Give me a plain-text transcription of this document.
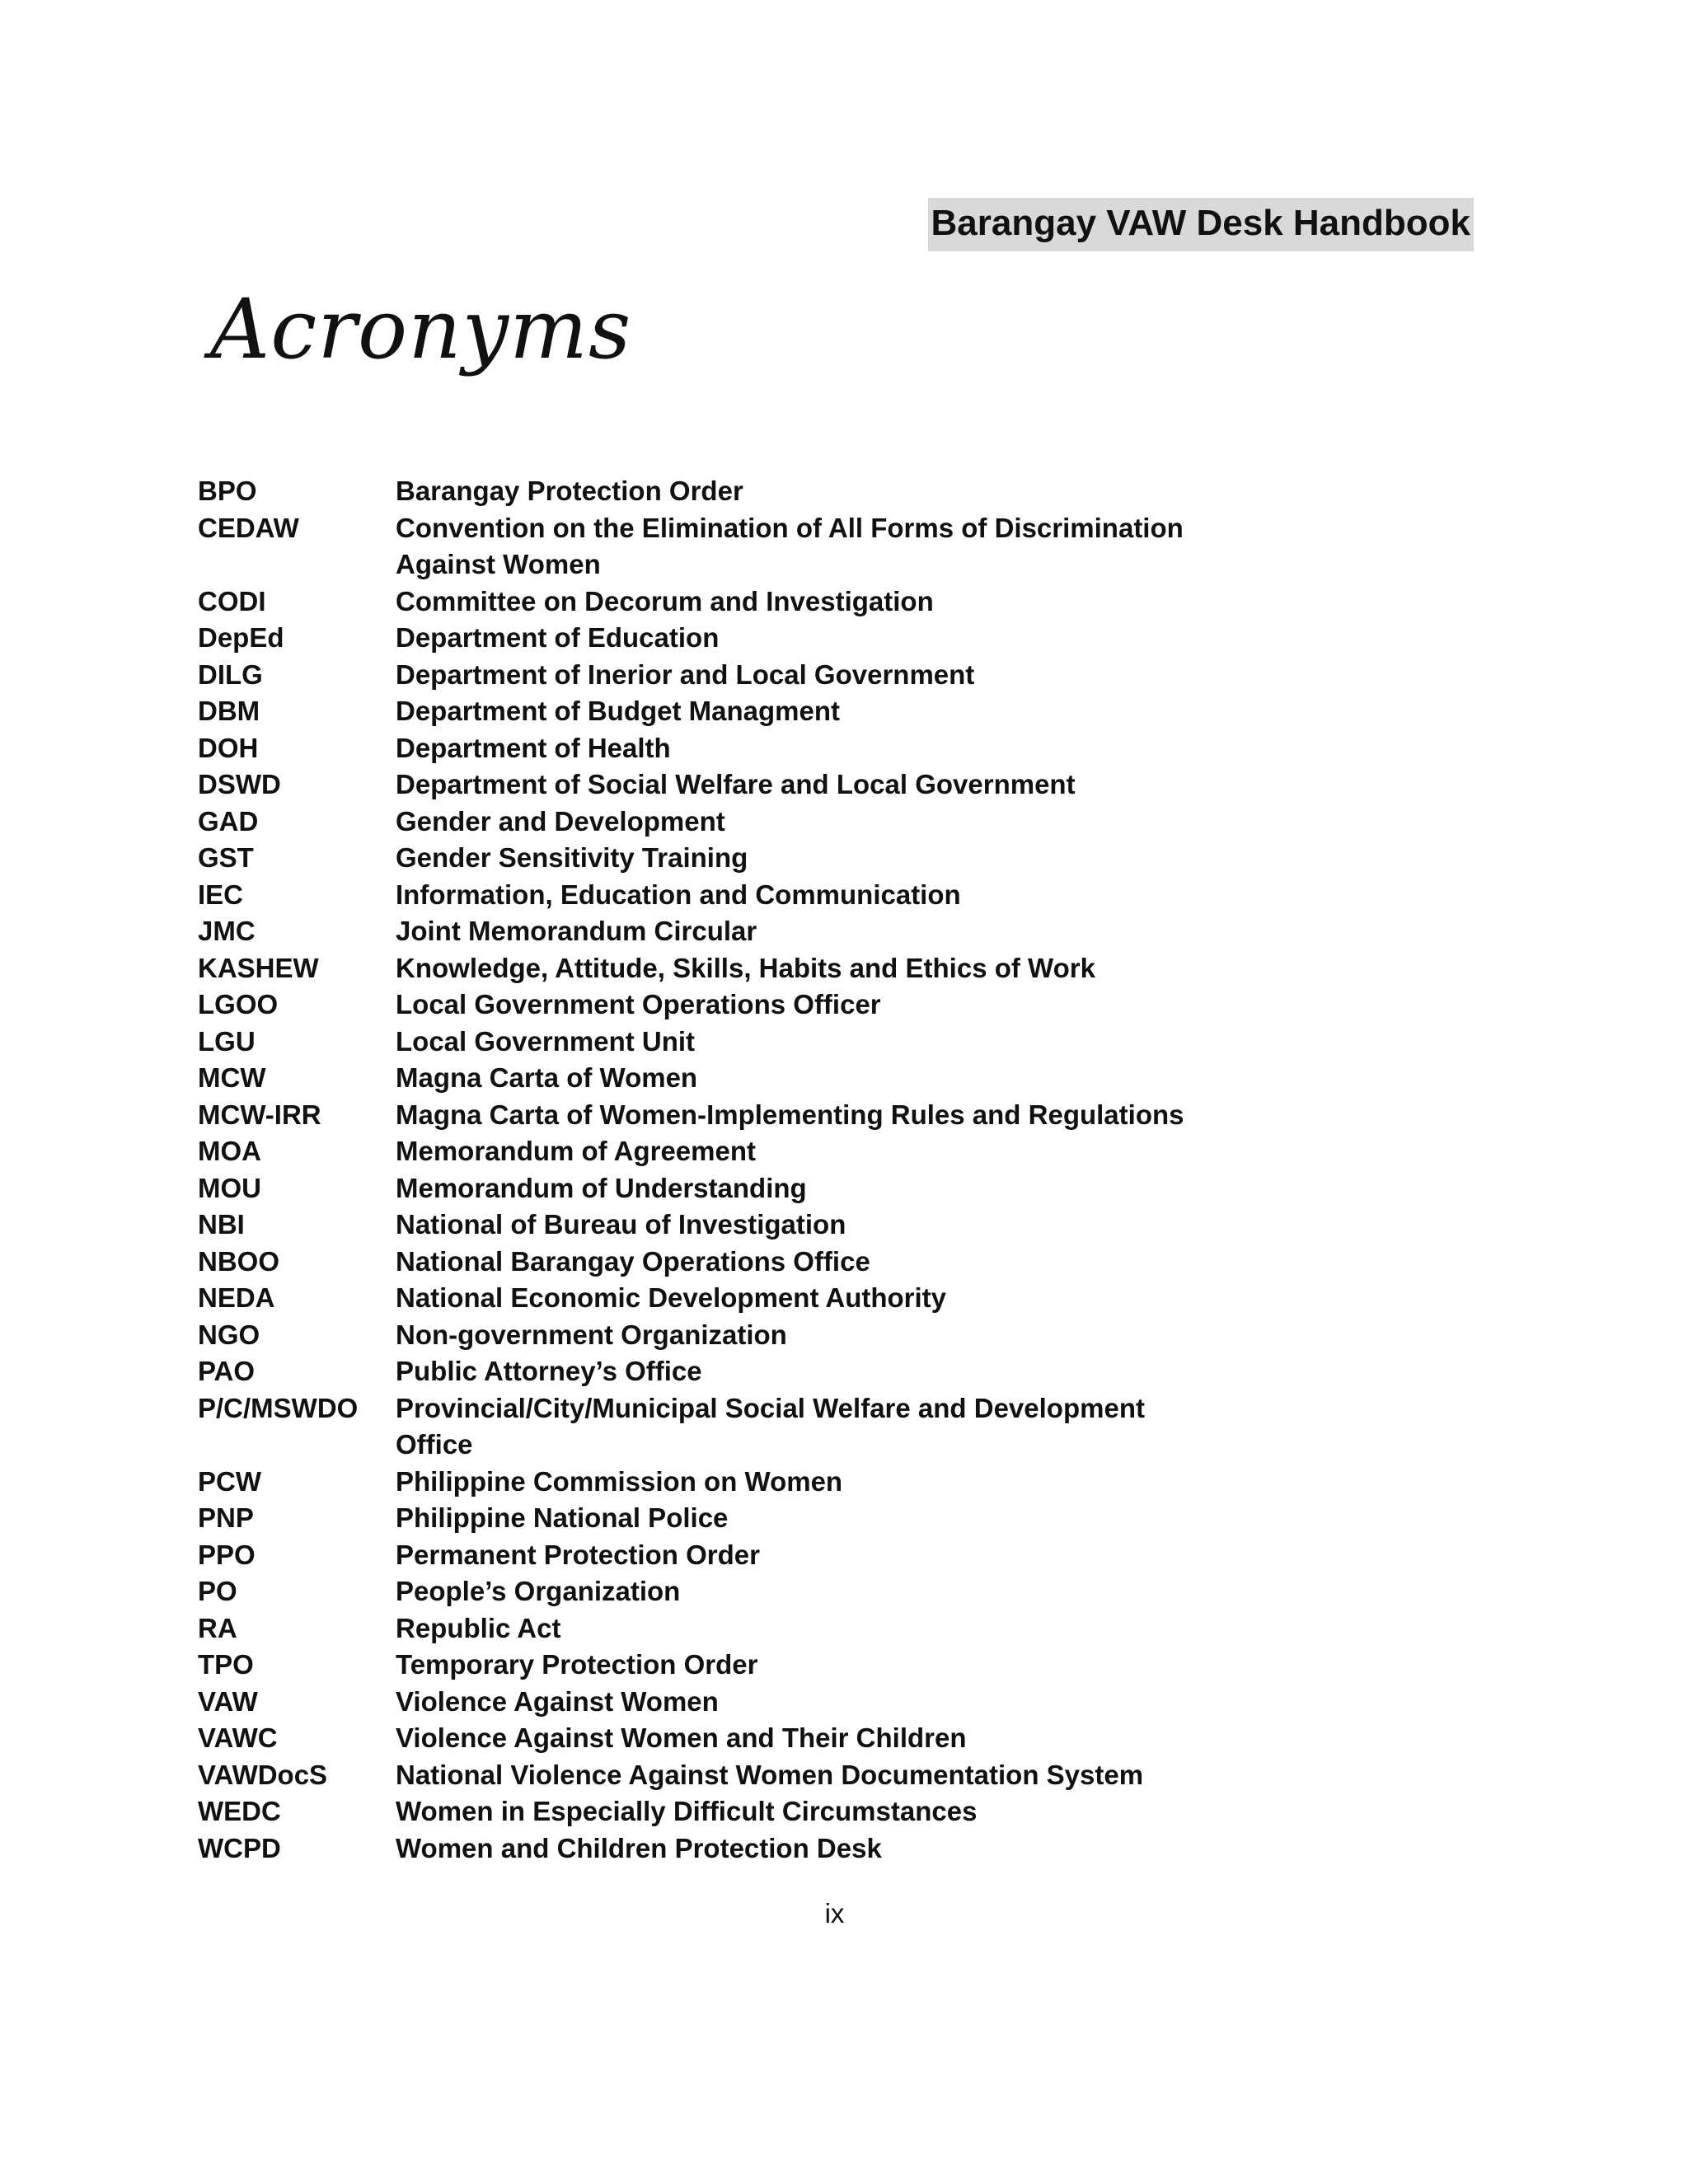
Barangay VAW Desk Handbook
Acronyms
BPO	Barangay Protection Order
CEDAW	Convention on the Elimination of All Forms of Discrimination Against Women
CODI	Committee on Decorum and Investigation
DepEd	Department of Education
DILG	Department of Inerior and Local Government
DBM	Department of Budget Managment
DOH	Department of Health
DSWD	Department of Social Welfare and Local Government
GAD	Gender and Development
GST	Gender Sensitivity Training
IEC	Information, Education and Communication
JMC	Joint Memorandum Circular
KASHEW	Knowledge, Attitude, Skills, Habits and Ethics of Work
LGOO	Local Government Operations Officer
LGU	Local Government Unit
MCW	Magna Carta of Women
MCW-IRR	Magna Carta of Women-Implementing Rules and Regulations
MOA	Memorandum of Agreement
MOU	Memorandum of Understanding
NBI	National of Bureau of Investigation
NBOO	National Barangay Operations Office
NEDA	National Economic Development Authority
NGO	Non-government Organization
PAO	Public Attorney’s Office
P/C/MSWDO	Provincial/City/Municipal Social Welfare and Development Office
PCW	Philippine Commission on Women
PNP	Philippine National Police
PPO	Permanent Protection Order
PO	People’s Organization
RA	Republic Act
TPO	Temporary Protection Order
VAW	Violence Against Women
VAWC	Violence Against Women and Their Children
VAWDocS	National Violence Against Women Documentation System
WEDC	Women in Especially Difficult Circumstances
WCPD	Women and Children Protection Desk
ix
